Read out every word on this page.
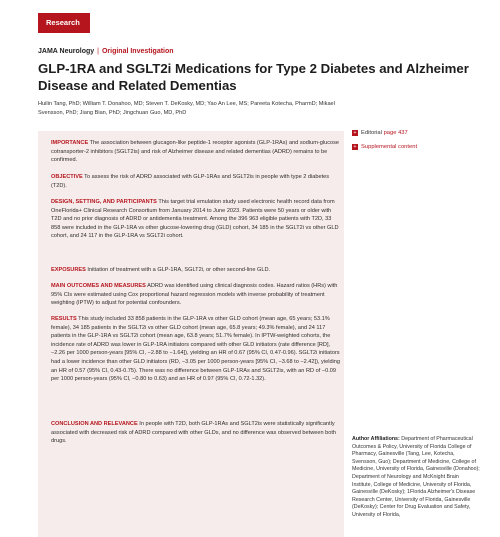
Research
JAMA Neurology | Original Investigation
GLP-1RA and SGLT2i Medications for Type 2 Diabetes and Alzheimer Disease and Related Dementias
Huilin Tang, PhD; William T. Donahoo, MD; Steven T. DeKosky, MD; Yao An Lee, MS; Pareeta Kotecha, PharmD; Mikael Svensson, PhD; Jiang Bian, PhD; Jingchuan Guo, MD, PhD

IMPORTANCE The association between glucagon-like peptide-1 receptor agonists (GLP-1RAs) and sodium-glucose cotransporter-2 inhibitors (SGLT2is) and risk of Alzheimer disease and related dementias (ADRD) remains to be confirmed.

OBJECTIVE To assess the risk of ADRD associated with GLP-1RAs and SGLT2is in people with type 2 diabetes (T2D).

DESIGN, SETTING, AND PARTICIPANTS This target trial emulation study used electronic health record data from OneFlorida+ Clinical Research Consortium from January 2014 to June 2023. Patients were 50 years or older with T2D and no prior diagnosis of ADRD or antidementia treatment. Among the 396 963 eligible patients with T2D, 33 858 were included in the GLP-1RA vs other glucose-lowering drug (GLD) cohort, 34 185 in the SGLT2i vs other GLD cohort, and 24 117 in the GLP-1RA vs SGLT2i cohort.

EXPOSURES Initiation of treatment with a GLP-1RA, SGLT2i, or other second-line GLD.

MAIN OUTCOMES AND MEASURES ADRD was identified using clinical diagnosis codes. Hazard ratios (HRs) with 95% CIs were estimated using Cox proportional hazard regression models with inverse probability of treatment weighting (IPTW) to adjust for potential confounders.

RESULTS This study included 33 858 patients in the GLP-1RA vs other GLD cohort (mean age, 65 years; 53.1% female), 34 185 patients in the SGLT2i vs other GLD cohort (mean age, 65.8 years; 49.3% female), and 24 117 patients in the GLP-1RA vs SGLT2i cohort (mean age, 63.8 years; 51.7% female). In IPTW-weighted cohorts, the incidence rate of ADRD was lower in GLP-1RA initiators compared with other GLD initiators (rate difference [RD], −2.26 per 1000 person-years [95% CI, −2.88 to −1.64]), yielding an HR of 0.67 (95% CI, 0.47-0.96). SGLT2i initiators had a lower incidence than other GLD initiators (RD, −3.05 per 1000 person-years [95% CI, −3.68 to −2.42]), yielding an HR of 0.57 (95% CI, 0.43-0.75). There was no difference between GLP-1RAs and SGLT2is, with an RD of −0.09 per 1000 person-years (95% CI, −0.80 to 0.63) and an HR of 0.97 (95% CI, 0.72-1.32).

CONCLUSION AND RELEVANCE In people with T2D, both GLP-1RAs and SGLT2is were statistically significantly associated with decreased risk of ADRD compared with other GLDs, and no difference was observed between both drugs.

+ Editorial page 437
+ Supplemental content
Author Affiliations: Department of Pharmaceutical Outcomes & Policy, University of Florida College of Pharmacy, Gainesville (Tang, Lee, Kotecha, Svensson, Guo); Department of Medicine, College of Medicine, University of Florida, Gainesville (Donahoo); Department of Neurology and McKnight Brain Institute, College of Medicine, University of Florida, Gainesville (DeKosky); 1Florida Alzheimer's Disease Research Center, University of Florida, Gainesville (DeKosky); Center for Drug Evaluation and Safety, University of Florida,
